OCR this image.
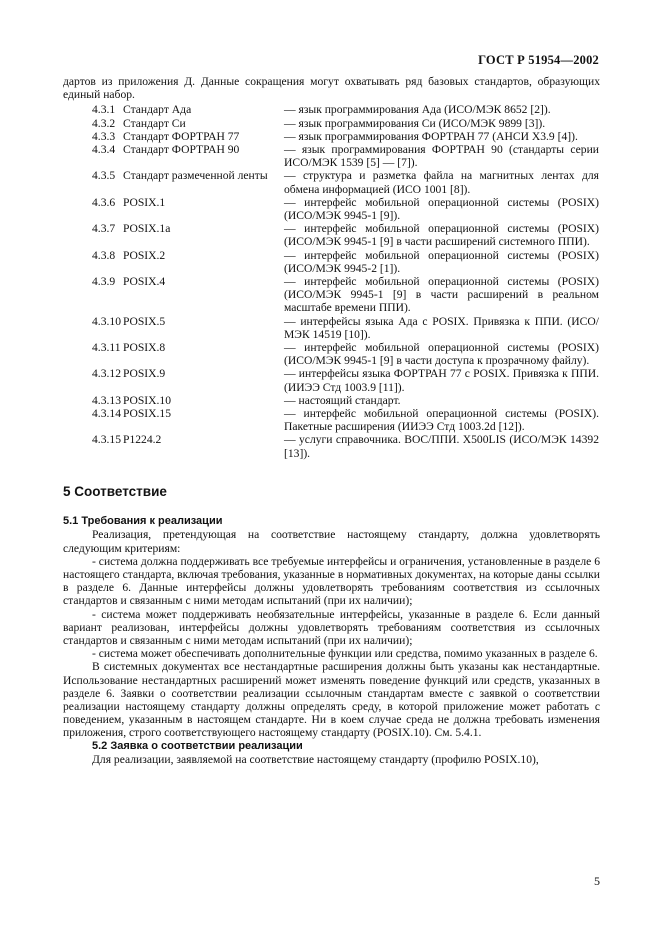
ГОСТ Р 51954—2002

дартов из приложения Д. Данные сокращения могут охватывать ряд базовых стандартов, образующих единый набор.

4.3.1 Стандарт Ада	— язык программирования Ада (ИСО/МЭК 8652 [2]).
4.3.2 Стандарт Си	— язык программирования Си (ИСО/МЭК 9899 [3]).
4.3.3 Стандарт ФОРТРАН 77	— язык программирования ФОРТРАН 77 (АНСИ Х3.9 [4]).
4.3.4 Стандарт ФОРТРАН 90	— язык программирования ФОРТРАН 90 (стандарты серии ИСО/МЭК 1539 [5] — [7]).
4.3.5 Стандарт размеченной ленты	— структура и разметка файла на магнитных лентах для обмена информацией (ИСО 1001 [8]).
4.3.6 POSIX.1	— интерфейс мобильной операционной системы (POSIX) (ИСО/МЭК 9945-1 [9]).
4.3.7 POSIX.1a	— интерфейс мобильной операционной системы (POSIX) (ИСО/МЭК 9945-1 [9] в части расширений системного ППИ).
4.3.8 POSIX.2	— интерфейс мобильной операционной системы (POSIX) (ИСО/МЭК 9945-2 [1]).
4.3.9 POSIX.4	— интерфейс мобильной операционной системы (POSIX) (ИСО/МЭК 9945-1 [9] в части расширений в реальном масштабе времени ППИ).
4.3.10 POSIX.5	— интерфейсы языка Ада с POSIX. Привязка к ППИ. (ИСО/МЭК 14519 [10]).
4.3.11 POSIX.8	— интерфейс мобильной операционной системы (POSIX) (ИСО/МЭК 9945-1 [9] в части доступа к прозрачному файлу).
4.3.12 POSIX.9	— интерфейсы языка ФОРТРАН 77 с POSIX. Привязка к ППИ. (ИИЭЭ Стд 1003.9 [11]).
4.3.13 POSIX.10	— настоящий стандарт.
4.3.14 POSIX.15	— интерфейс мобильной операционной системы (POSIX). Пакетные расширения (ИИЭЭ Стд 1003.2d [12]).
4.3.15 P1224.2	— услуги справочника. BOC/ППИ. X500LIS (ИСО/МЭК 14392 [13]).
5 Соответствие
5.1 Требования к реализации

Реализация, претендующая на соответствие настоящему стандарту, должна удовлетворять следующим критериям:

- система должна поддерживать все требуемые интерфейсы и ограничения, установленные в разделе 6 настоящего стандарта, включая требования, указанные в нормативных документах, на которые даны ссылки в разделе 6. Данные интерфейсы должны удовлетворять требованиям соответствия из ссылочных стандартов и связанным с ними методам испытаний (при их наличии);

- система может поддерживать необязательные интерфейсы, указанные в разделе 6. Если данный вариант реализован, интерфейсы должны удовлетворять требованиям соответствия из ссылочных стандартов и связанным с ними методам испытаний (при их наличии);

- система может обеспечивать дополнительные функции или средства, помимо указанных в разделе 6.

В системных документах все нестандартные расширения должны быть указаны как нестандартные. Использование нестандартных расширений может изменять поведение функций или средств, указанных в разделе 6. Заявки о соответствии реализации ссылочным стандартам вместе с заявкой о соответствии реализации настоящему стандарту должны определять среду, в которой приложение может работать с поведением, указанным в настоящем стандарте. Ни в коем случае среда не должна требовать изменения приложения, строго соответствующего настоящему стандарту (POSIX.10). См. 5.4.1.

5.2 Заявка о соответствии реализации

Для реализации, заявляемой на соответствие настоящему стандарту (профилю POSIX.10),

5
